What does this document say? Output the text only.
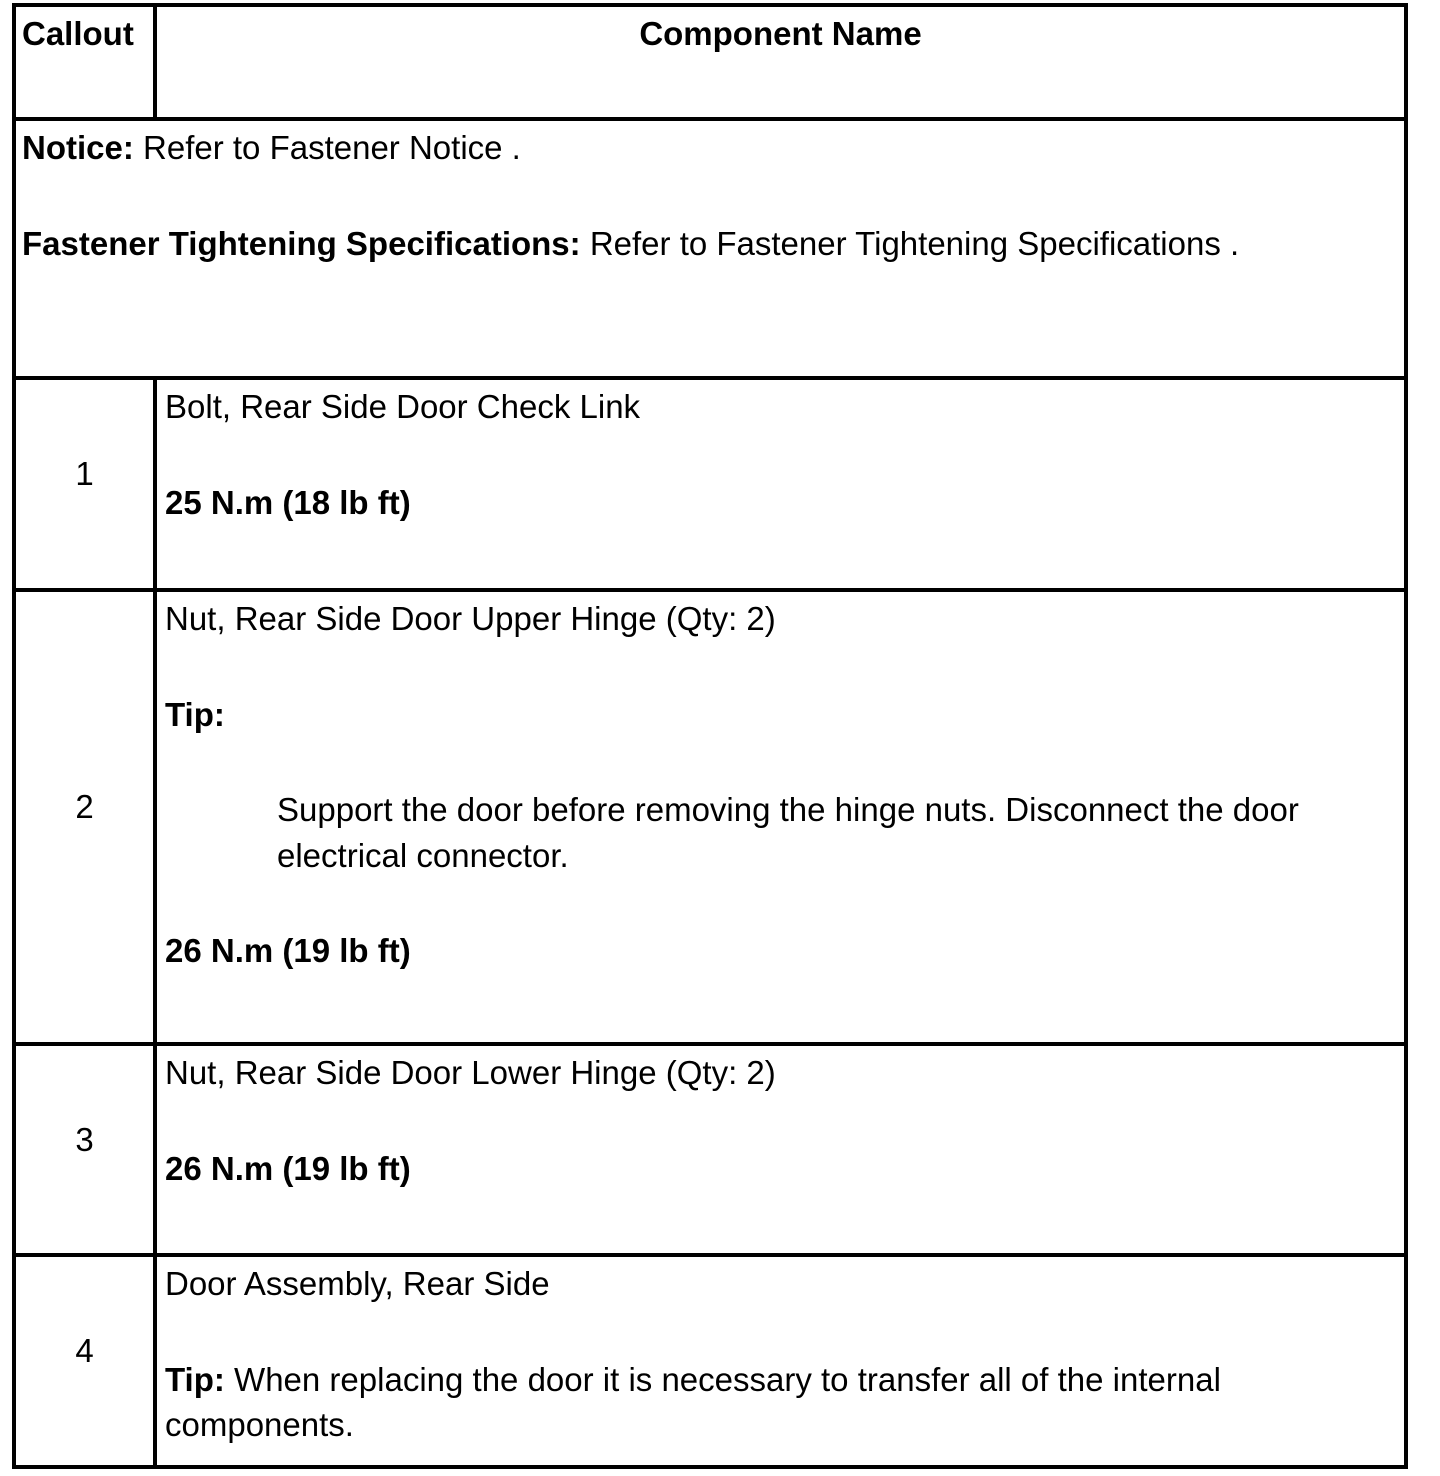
Callout	Component Name

Notice: Refer to Fastener Notice .

Fastener Tightening Specifications: Refer to Fastener Tightening Specifications .	

1	Bolt, Rear Side Door Check Link

25 N.m (18 lb ft)

2	Nut, Rear Side Door Upper Hinge (Qty: 2)

Tip:

Support the door before removing the hinge nuts. Disconnect the door electrical connector.

26 N.m (19 lb ft)

3	Nut, Rear Side Door Lower Hinge (Qty: 2)

26 N.m (19 lb ft)

4	Door Assembly, Rear Side

Tip: When replacing the door it is necessary to transfer all of the internal components.
